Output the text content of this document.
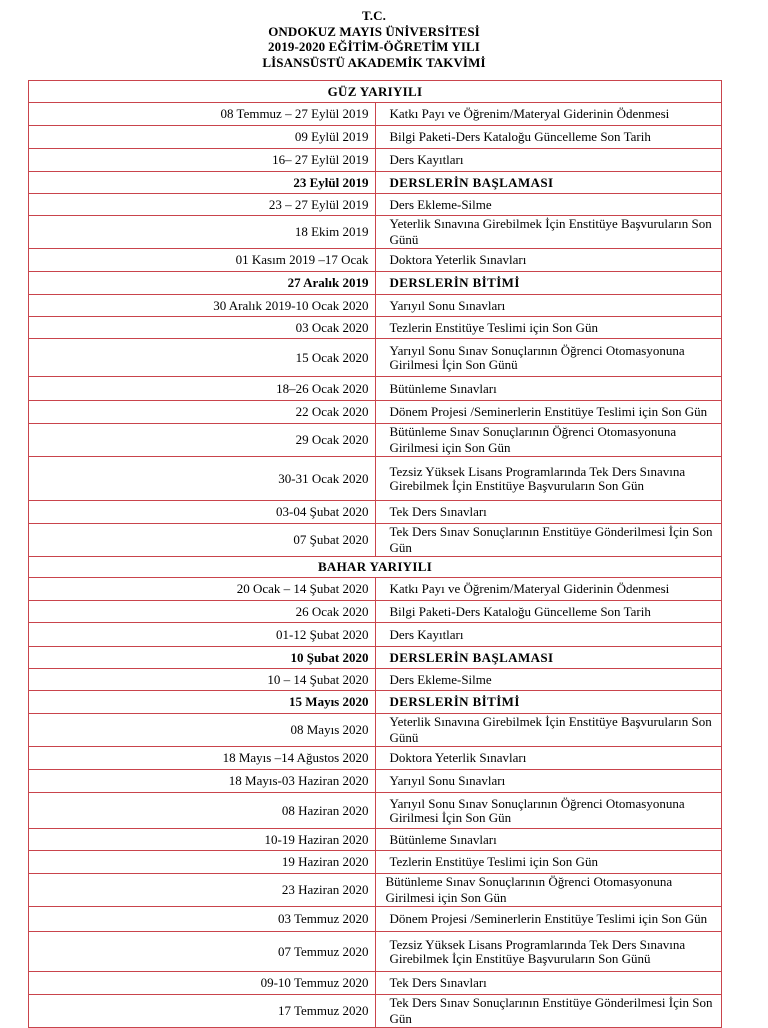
T.C.
ONDOKUZ MAYIS ÜNİVERSİTESİ
2019-2020 EĞİTİM-ÖĞRETİM YILI
LİSANSÜSTÜ AKADEMİK TAKVİMİ
GÜZ YARIYILI	
08 Temmuz – 27 Eylül 2019	Katkı Payı ve Öğrenim/Materyal Giderinin Ödenmesi
09 Eylül 2019	Bilgi Paketi-Ders Kataloğu Güncelleme Son Tarih
16– 27 Eylül 2019	Ders Kayıtları
23 Eylül 2019	DERSLERİN BAŞLAMASI
23 – 27 Eylül 2019	Ders Ekleme-Silme
18 Ekim 2019	Yeterlik Sınavına Girebilmek İçin Enstitüye Başvuruların Son Günü
01 Kasım 2019 –17 Ocak	Doktora Yeterlik Sınavları
27 Aralık 2019	DERSLERİN BİTİMİ
30 Aralık 2019-10 Ocak 2020	Yarıyıl Sonu Sınavları
03 Ocak 2020	Tezlerin Enstitüye Teslimi için Son Gün
15 Ocak 2020	Yarıyıl Sonu Sınav Sonuçlarının Öğrenci Otomasyonuna Girilmesi İçin Son Günü
18–26 Ocak 2020	Bütünleme Sınavları
22 Ocak 2020	Dönem Projesi /Seminerlerin Enstitüye Teslimi için Son Gün
29 Ocak 2020	Bütünleme Sınav Sonuçlarının Öğrenci Otomasyonuna Girilmesi için Son Gün
30-31 Ocak 2020	Tezsiz Yüksek Lisans Programlarında Tek Ders Sınavına Girebilmek İçin Enstitüye Başvuruların Son Gün
03-04 Şubat 2020	Tek Ders Sınavları
07 Şubat 2020	Tek Ders Sınav Sonuçlarının Enstitüye Gönderilmesi İçin Son Gün
BAHAR YARIYILI	
20 Ocak – 14 Şubat 2020	Katkı Payı ve Öğrenim/Materyal Giderinin Ödenmesi
26 Ocak 2020	Bilgi Paketi-Ders Kataloğu Güncelleme Son Tarih
01-12 Şubat 2020	Ders Kayıtları
10 Şubat 2020	DERSLERİN BAŞLAMASI
10 – 14 Şubat 2020	Ders Ekleme-Silme
15 Mayıs 2020	DERSLERİN BİTİMİ
08 Mayıs 2020	Yeterlik Sınavına Girebilmek İçin Enstitüye Başvuruların Son Günü
18 Mayıs –14 Ağustos 2020	Doktora Yeterlik Sınavları
18 Mayıs-03 Haziran 2020	Yarıyıl Sonu Sınavları
08 Haziran 2020	Yarıyıl Sonu Sınav Sonuçlarının Öğrenci Otomasyonuna Girilmesi İçin Son Gün
10-19 Haziran 2020	Bütünleme Sınavları
19 Haziran 2020	Tezlerin Enstitüye Teslimi için Son Gün
23 Haziran 2020	Bütünleme Sınav Sonuçlarının Öğrenci Otomasyonuna Girilmesi için Son Gün
03 Temmuz 2020	Dönem Projesi /Seminerlerin Enstitüye Teslimi için Son Gün
07 Temmuz 2020	Tezsiz Yüksek Lisans Programlarında Tek Ders Sınavına Girebilmek İçin Enstitüye Başvuruların Son Günü
09-10 Temmuz 2020	Tek Ders Sınavları
17 Temmuz 2020	Tek Ders Sınav Sonuçlarının Enstitüye Gönderilmesi İçin Son Gün
